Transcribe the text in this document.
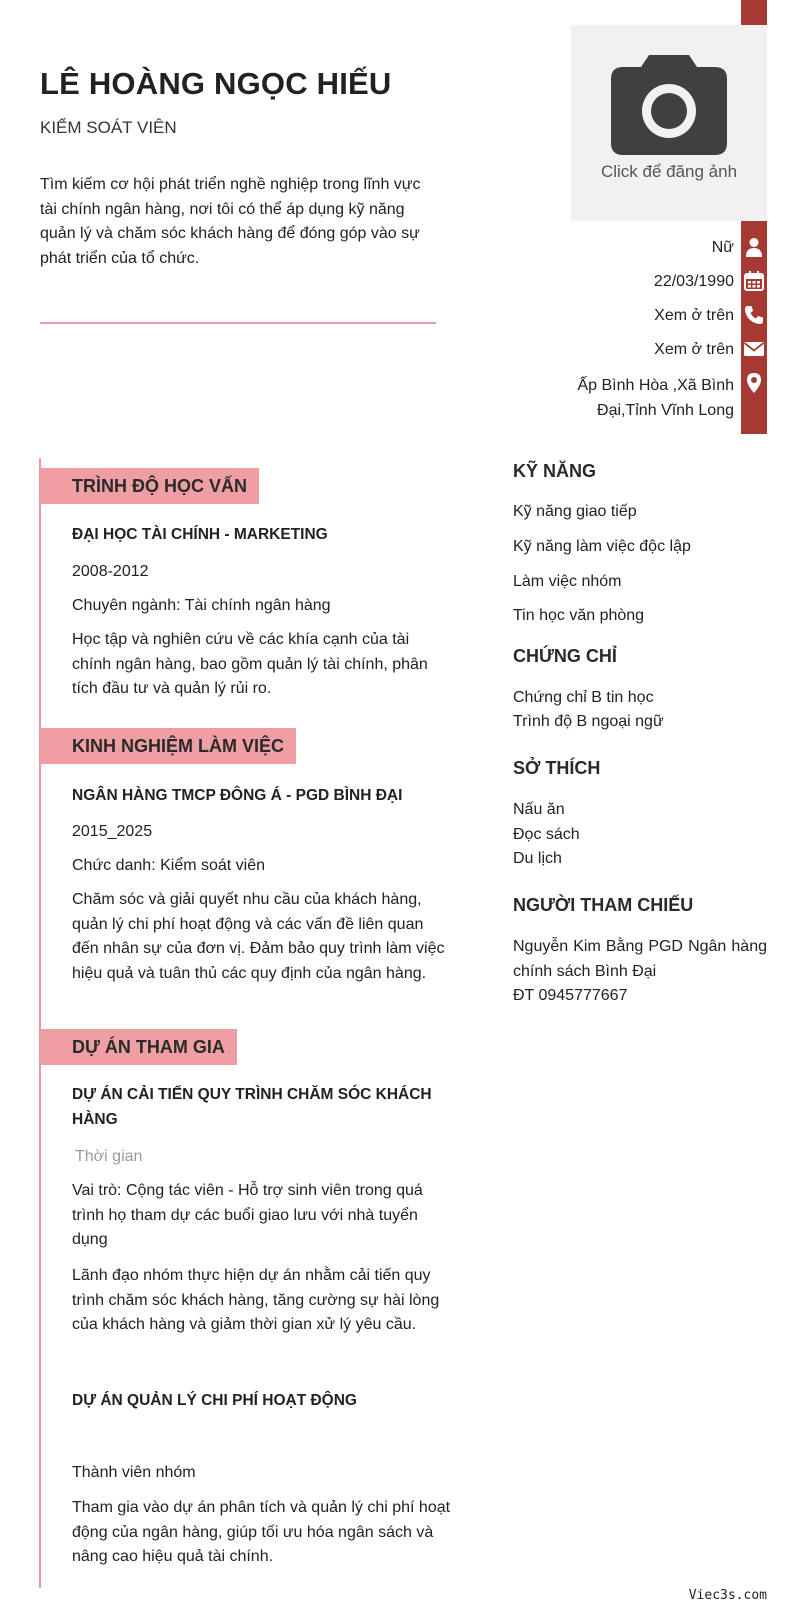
LÊ HOÀNG NGỌC HIẾU
KIỂM SOÁT VIÊN
Tìm kiếm cơ hội phát triển nghề nghiệp trong lĩnh vực tài chính ngân hàng, nơi tôi có thể áp dụng kỹ năng quản lý và chăm sóc khách hàng để đóng góp vào sự phát triển của tổ chức.
Click để đăng ảnh
Nữ
22/03/1990
Xem ở trên
Xem ở trên
Ấp Bình Hòa ,Xã Bình
Đại,Tỉnh Vĩnh Long
TRÌNH ĐỘ HỌC VẤN
ĐẠI HỌC TÀI CHÍNH - MARKETING
2008-2012
Chuyên ngành: Tài chính ngân hàng
Học tập và nghiên cứu về các khía cạnh của tài chính ngân hàng, bao gồm quản lý tài chính, phân tích đầu tư và quản lý rủi ro.
KINH NGHIỆM LÀM VIỆC
NGÂN HÀNG TMCP ĐÔNG Á - PGD BÌNH ĐẠI
2015_2025
Chức danh: Kiểm soát viên
Chăm sóc và giải quyết nhu cầu của khách hàng, quản lý chi phí hoạt động và các vấn đề liên quan đến nhân sự của đơn vị. Đảm bảo quy trình làm việc hiệu quả và tuân thủ các quy định của ngân hàng.
DỰ ÁN THAM GIA
DỰ ÁN CẢI TIẾN QUY TRÌNH CHĂM SÓC KHÁCH HÀNG
Thời gian
Vai trò: Cộng tác viên - Hỗ trợ sinh viên trong quá trình họ tham dự các buổi giao lưu với nhà tuyển dụng
Lãnh đạo nhóm thực hiện dự án nhằm cải tiến quy trình chăm sóc khách hàng, tăng cường sự hài lòng của khách hàng và giảm thời gian xử lý yêu cầu.
DỰ ÁN QUẢN LÝ CHI PHÍ HOẠT ĐỘNG
Thành viên nhóm
Tham gia vào dự án phân tích và quản lý chi phí hoạt động của ngân hàng, giúp tối ưu hóa ngân sách và nâng cao hiệu quả tài chính.
KỸ NĂNG
Kỹ năng giao tiếp
Kỹ năng làm việc độc lập
Làm việc nhóm
Tin học văn phòng
CHỨNG CHỈ
Chứng chỉ B tin học
Trình độ B ngoại ngữ
SỞ THÍCH
Nấu ăn
Đọc sách
Du lịch
NGƯỜI THAM CHIẾU
Nguyễn Kim Bằng PGD Ngân hàng chính sách Bình Đại
ĐT 0945777667
Viec3s.com
